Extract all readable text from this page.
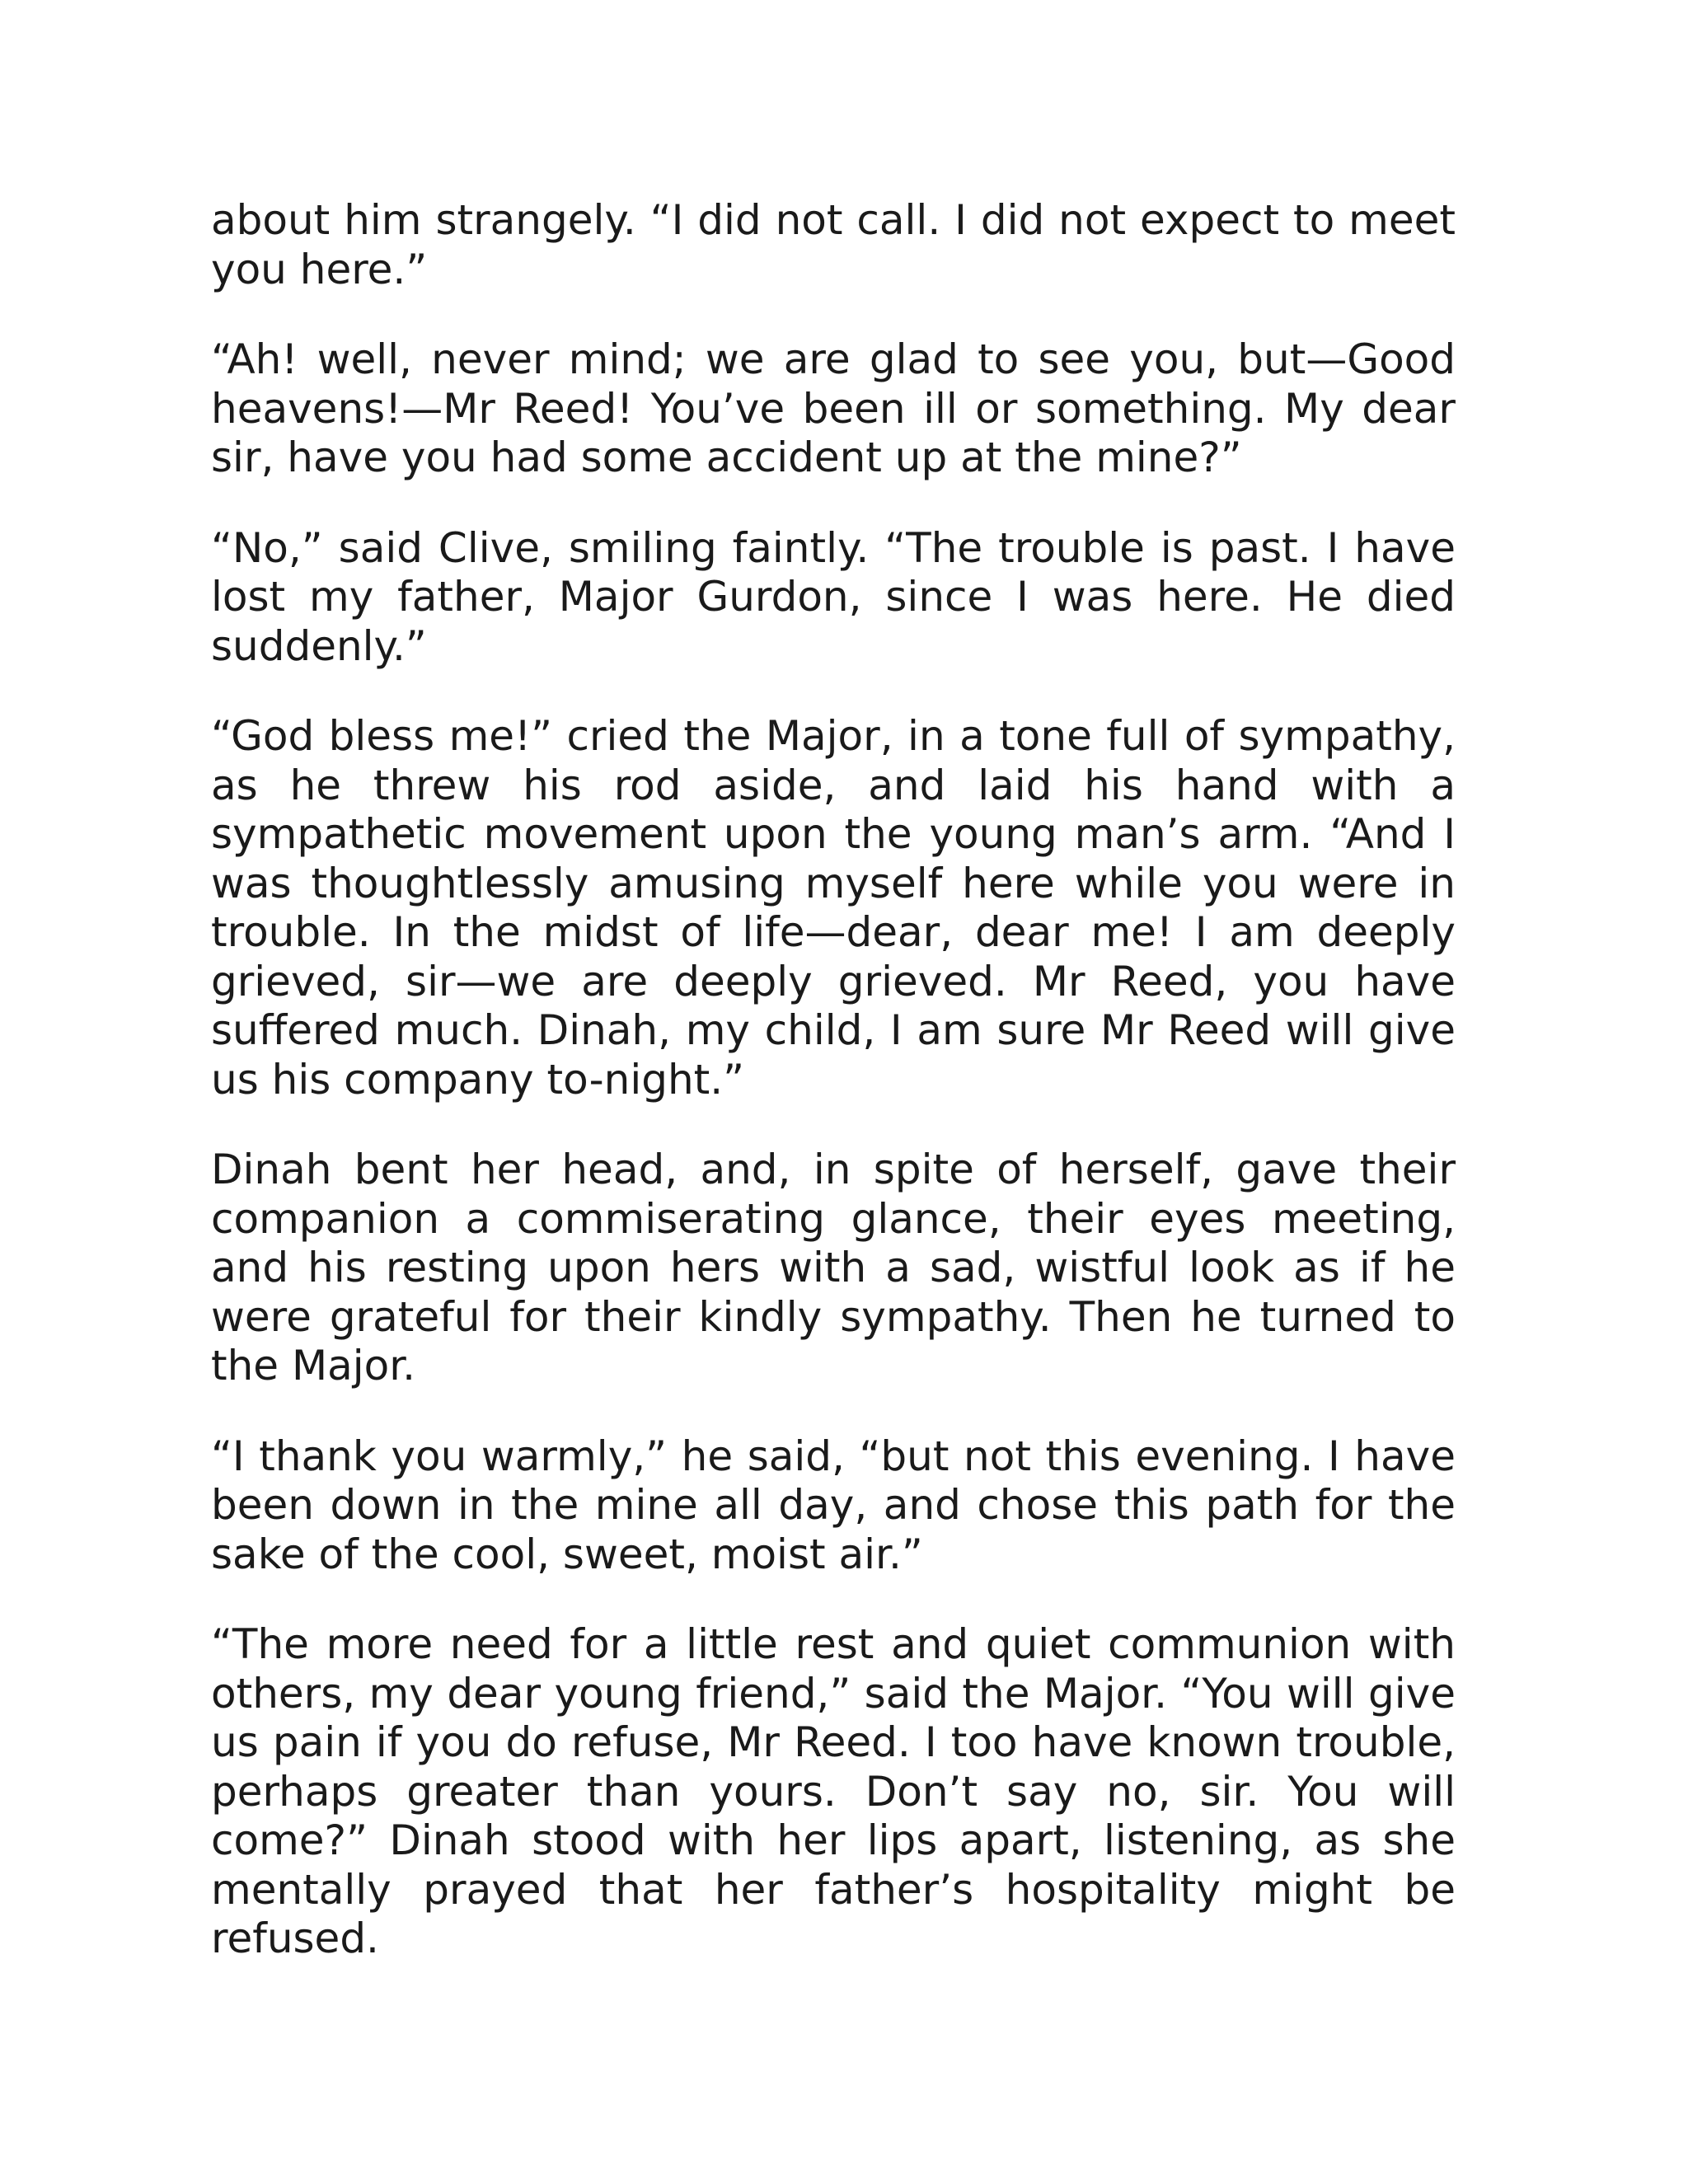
about him strangely. “I did not call. I did not expect to meet you here.”

“Ah! well, never mind; we are glad to see you, but—Good heavens!—Mr Reed! You’ve been ill or something. My dear sir, have you had some accident up at the mine?”

“No,” said Clive, smiling faintly. “The trouble is past. I have lost my father, Major Gurdon, since I was here. He died suddenly.”

“God bless me!” cried the Major, in a tone full of sympathy, as he threw his rod aside, and laid his hand with a sympathetic movement upon the young man’s arm. “And I was thoughtlessly amusing myself here while you were in trouble. In the midst of life—dear, dear me! I am deeply grieved, sir—we are deeply grieved. Mr Reed, you have suffered much. Dinah, my child, I am sure Mr Reed will give us his company to-night.”

Dinah bent her head, and, in spite of herself, gave their companion a commiserating glance, their eyes meeting, and his resting upon hers with a sad, wistful look as if he were grateful for their kindly sympathy. Then he turned to the Major.

“I thank you warmly,” he said, “but not this evening. I have been down in the mine all day, and chose this path for the sake of the cool, sweet, moist air.”

“The more need for a little rest and quiet communion with others, my dear young friend,” said the Major. “You will give us pain if you do refuse, Mr Reed. I too have known trouble, perhaps greater than yours. Don’t say no, sir. You will come?” Dinah stood with her lips apart, listening, as she mentally prayed that her father’s hospitality might be refused.
